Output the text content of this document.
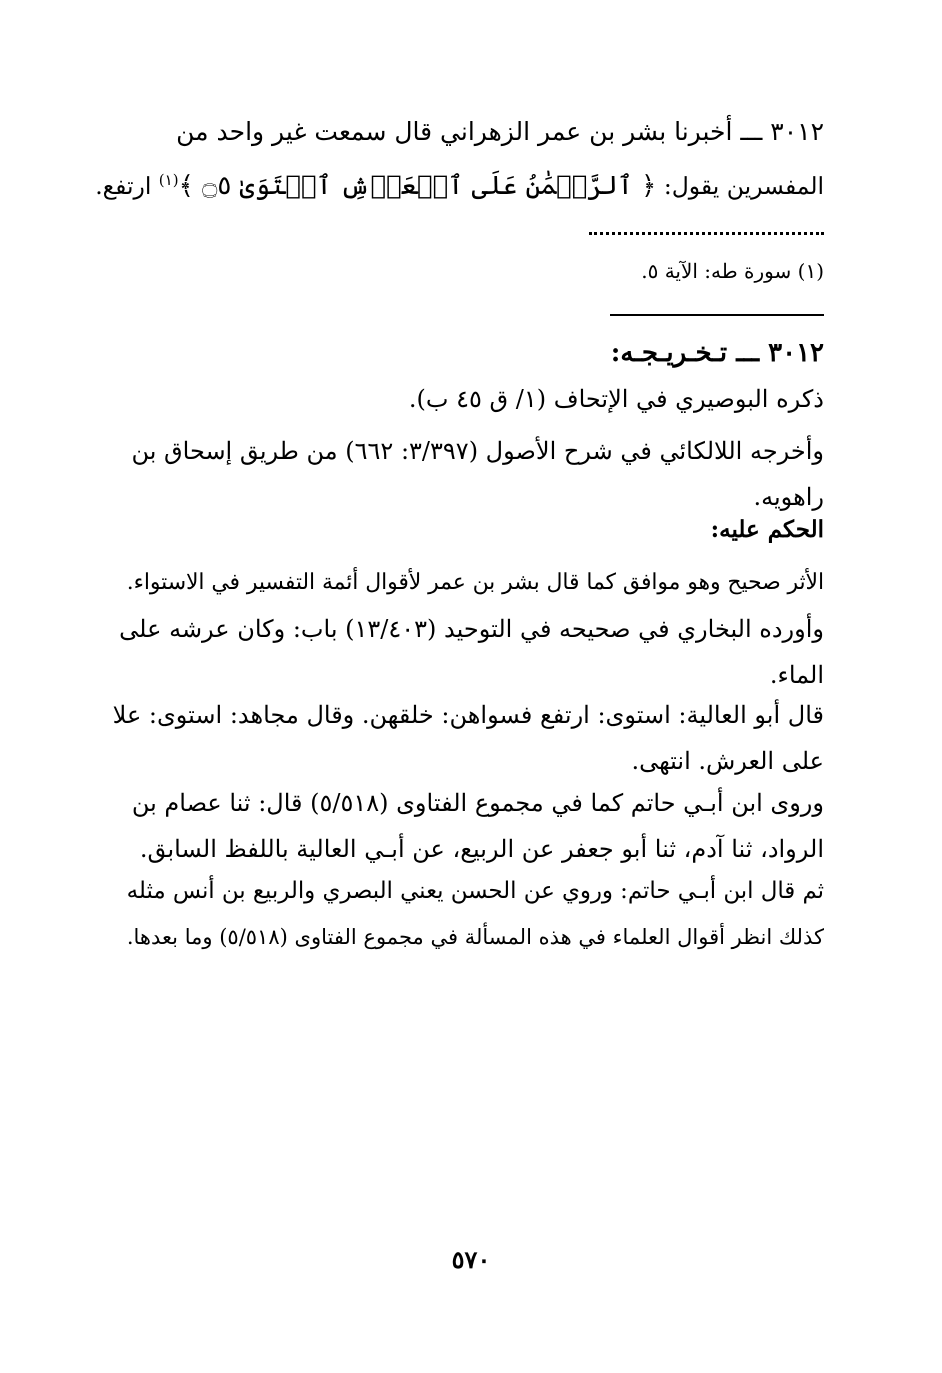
٣٠١٢ ـــ أخبرنا بشر بن عمر الزهراني قال سمعت غير واحد من
المفسرين يقول: ﴿ ٱلرَّحۡمَٰنُ عَلَى ٱلۡعَرۡشِ ٱسۡتَوَىٰ ۝٥ ﴾$^{(١)}$ ارتفع.
(١) سورة طه: الآية ٥.
٣٠١٢ ـــ تـخـريـجـه:
ذكره البوصيري في الإتحاف (١/ ق ٤٥ ب).
وأخرجه اللالكائي في شرح الأصول (٣/٣٩٧: ٦٦٢) من طريق إسحاق بن
راهويه.
الحكم عليه:
الأثر صحيح وهو موافق كما قال بشر بن عمر لأقوال أئمة التفسير في الاستواء.
وأورده البخاري في صحيحه في التوحيد (١٣/٤٠٣) باب: وكان عرشه على
الماء.
قال أبو العالية: استوى: ارتفع فسواهن: خلقهن. وقال مجاهد: استوى: علا
على العرش. انتهى.
وروى ابن أبـي حاتم كما في مجموع الفتاوى (٥/٥١٨) قال: ثنا عصام بن
الرواد، ثنا آدم، ثنا أبو جعفر عن الربيع، عن أبـي العالية باللفظ السابق.
ثم قال ابن أبـي حاتم: وروي عن الحسن يعني البصري والربيع بن أنس مثله
كذلك انظر أقوال العلماء في هذه المسألة في مجموع الفتاوى (٥/٥١٨) وما بعدها.
٥٧٠
